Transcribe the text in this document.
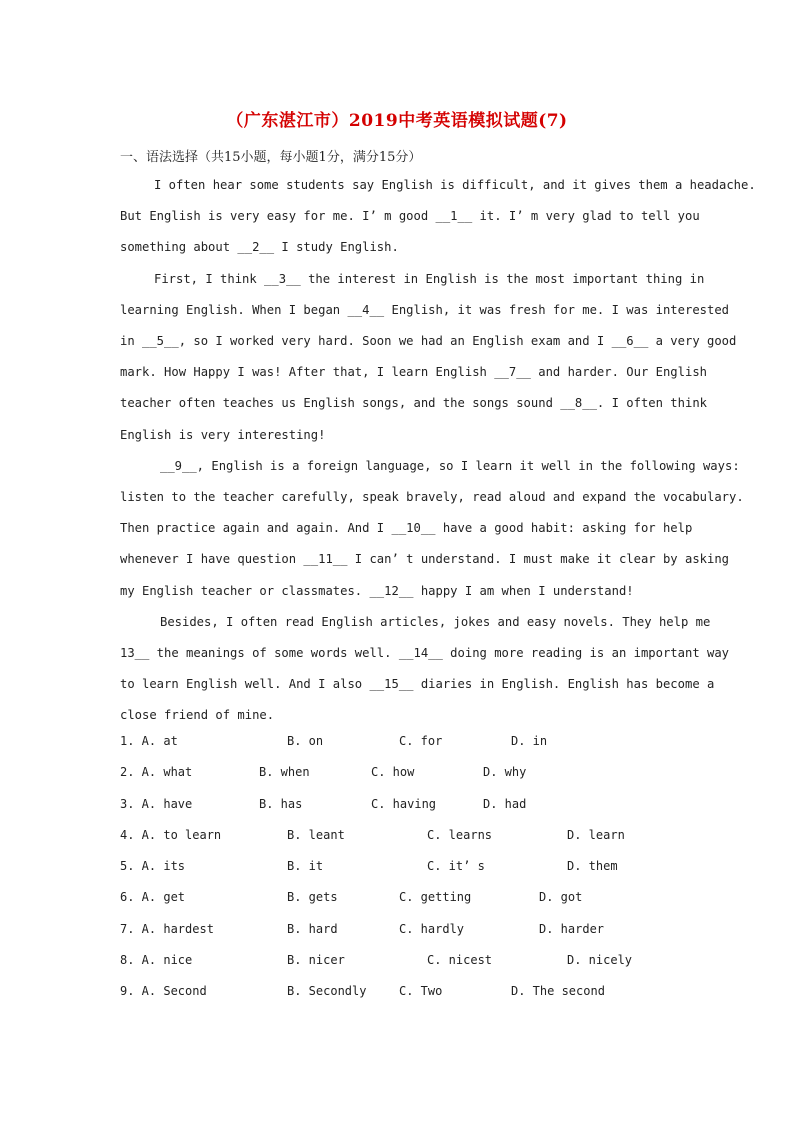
（广东湛江市）2019中考英语模拟试题(7)
一、语法选择（共15小题，每小题1分，满分15分）
I often hear some students say English is difficult, and it gives them a headache.
But English is very easy for me. I’ m good __1__ it. I’ m very glad to tell you
something about __2__ I study English.
First, I think __3__ the interest in English is the most important thing in
learning English. When I began __4__ English, it was fresh for me. I was interested
in __5__, so I worked very hard. Soon we had an English exam and I __6__ a very good
mark. How Happy I was! After that, I learn English __7__ and harder. Our English
teacher often teaches us English songs, and the songs sound __8__. I often think
English is very interesting!
__9__, English is a foreign language, so I learn it well in the following ways:
listen to the teacher carefully, speak bravely, read aloud and expand the vocabulary.
Then practice again and again. And I __10__ have a good habit: asking for help
whenever I have question __11__ I can’ t understand. I must make it clear by asking
my English teacher or classmates. __12__ happy I am when I understand!
Besides, I often read English articles, jokes and easy novels. They help me
13__ the meanings of some words well. __14__ doing more reading is an important way
to learn English well. And I also __15__ diaries in English. English has become a
close friend of mine.
1. A. at	B. on	C. for	D. in
2. A. what	B. when	C. how	D. why
3. A. have	B. has	C. having	D. had
4. A. to learn	B. leant	C. learns	D. learn
5. A. its	B. it	C. it’ s	D. them
6. A. get	B. gets	C. getting	D. got
7. A. hardest	B. hard	C. hardly	D. harder
8. A. nice	B. nicer	C. nicest	D. nicely
9. A. Second	B. Secondly	C. Two	D. The second
